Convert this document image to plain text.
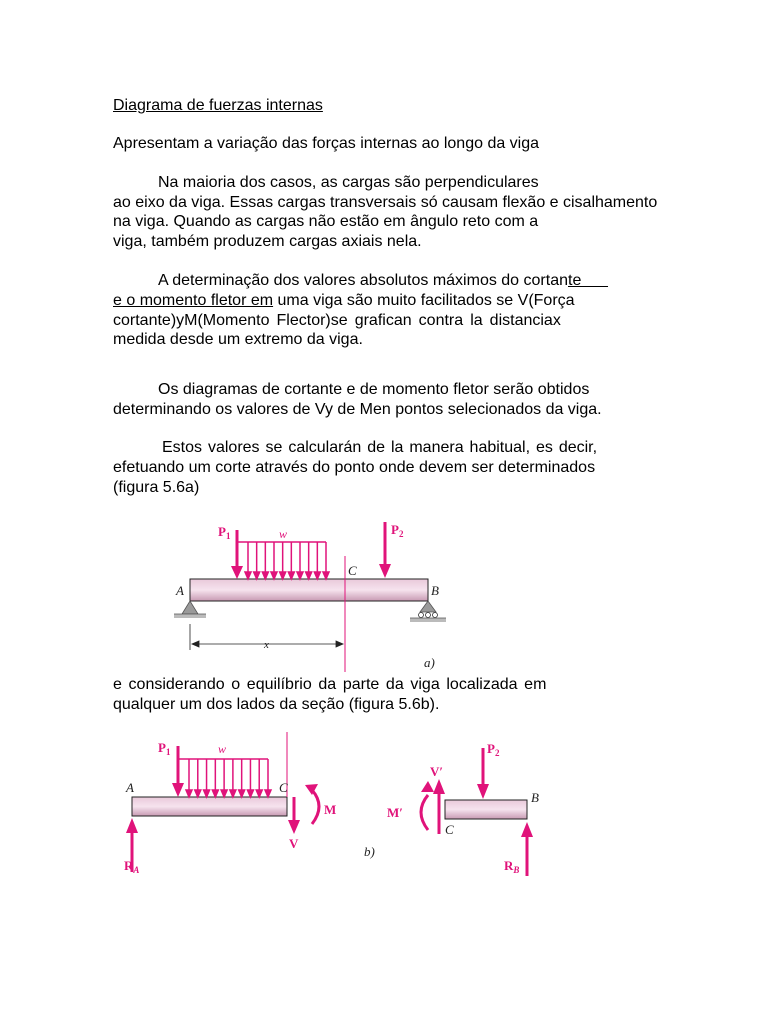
Diagrama de fuerzas internas

Apresentam a variação das forças internas ao longo da viga

Na maioria dos casos, as cargas são perpendiculares

ao eixo da viga. Essas cargas transversais só causam flexão e cisalhamento

na viga. Quando as cargas não estão em ângulo reto com a

viga, também produzem cargas axiais nela.

A determinação dos valores absolutos máximos do cortante

e o momento fletor em uma viga são muito facilitados se V(Força

cortante)yM(Momento Flector)se grafican contra la distanciax

medida desde um extremo da viga.

Os diagramas de cortante e de momento fletor serão obtidos

determinando os valores de Vy de Men pontos selecionados da viga.

Estos valores se calcularán de la manera habitual, es decir,

efetuando um corte através do ponto onde devem ser determinados

(figura 5.6a)

e considerando o equilíbrio da parte da viga localizada em

qualquer um dos lados da seção (figura 5.6b).

$P_1$	w	$P_2$
C
A	B
x
a)
$P_1$	w
A	C
M
V
$R_A$
b)
$P_2$
V′
M′
C
B
$R_B$
